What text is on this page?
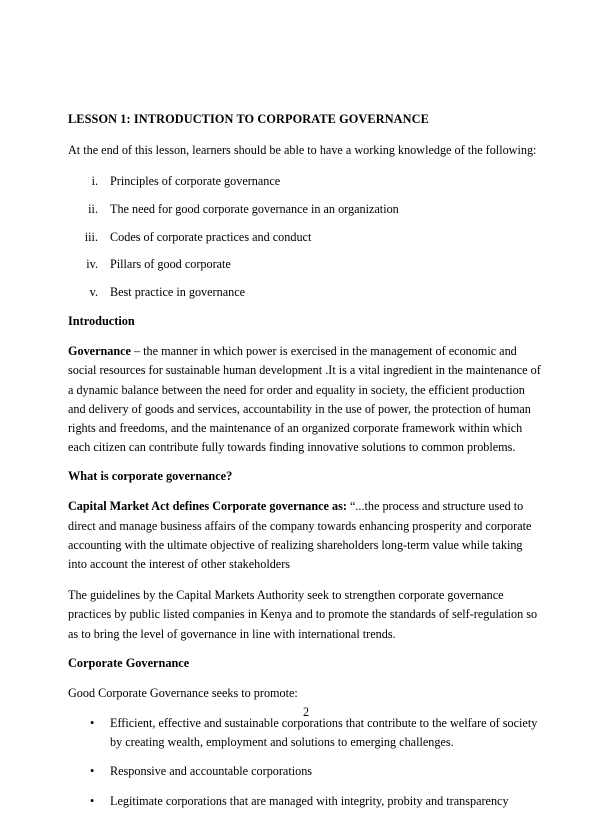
LESSON 1: INTRODUCTION TO CORPORATE GOVERNANCE

At the end of this lesson, learners should be able to have a working knowledge of the following:

i. Principles of corporate governance
ii. The need for good corporate governance in an organization
iii. Codes of corporate practices and conduct
iv. Pillars of good corporate
v. Best practice in governance
Introduction

Governance – the manner in which power is exercised in the management of economic and social resources for sustainable human development .It is a vital ingredient in the maintenance of a dynamic balance between the need for order and equality in society, the efficient production and delivery of goods and services, accountability in the use of power, the protection of human rights and freedoms, and the maintenance of an organized corporate framework within which each citizen can contribute fully towards finding innovative solutions to common problems.

What is corporate governance?

Capital Market Act defines Corporate governance as: “...the process and structure used to direct and manage business affairs of the company towards enhancing prosperity and corporate accounting with the ultimate objective of realizing shareholders long-term value while taking into account the interest of other stakeholders

The guidelines by the Capital Markets Authority seek to strengthen corporate governance practices by public listed companies in Kenya and to promote the standards of self-regulation so as to bring the level of governance in line with international trends.

Corporate Governance

Good Corporate Governance seeks to promote:

• Efficient, effective and sustainable corporations that contribute to the welfare of society by creating wealth, employment and solutions to emerging challenges.
• Responsive and accountable corporations
• Legitimate corporations that are managed with integrity, probity and transparency
2
